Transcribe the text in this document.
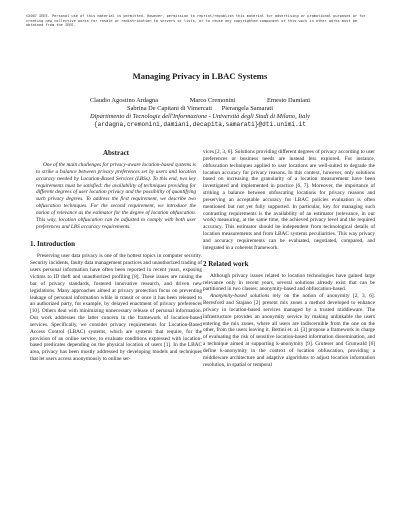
©2007 IEEE. Personal use of this material is permitted. However, permission to reprint/republish this material for advertising or promotional purposes or for creating new collective works for resale or redistribution to servers or lists, or to reuse any copyrighted component of this work in other works must be obtained from the IEEE.
Managing Privacy in LBAC Systems
Claudio Agostino Ardagna	Marco Cremonini	Ernesto Damiani
Sabrina De Capitani di Vimercati Pierangela Samarati
Dipartimento di Tecnologie dell'Informazione - Università degli Studi di Milano, Italy
{ardagna,cremonini,damiani,decapita,samarati}@dti.unimi.it
Abstract

One of the main challenges for privacy-aware location-based systems is to strike a balance between privacy preferences set by users and location accuracy needed by Location-Based Services (LBSs). To this end, two key requirements must be satisfied: the availability of techniques providing for different degrees of user location privacy and the possibility of quantifying such privacy degrees. To address the first requirement, we describe two obfuscation techniques. For the second requirement, we introduce the notion of relevance as the estimator for the degree of location obfuscation. This way, location obfuscation can be adjusted to comply with both user preferences and LBS accuracy requirements.

1. Introduction

Preserving user data privacy is one of the hottest topics in computer security. Security incidents, faulty data management practices and unauthorized trading of users personal information have often been reported in recent years, exposing victims to ID theft and unauthorized profiling [8]. These issues are raising the bar of privacy standards, fostered innovative research, and driven new legislations. Many approaches aimed at privacy protection focus on preventing leakage of personal information while in transit or once it has been released to an authorized party, for example, by delayed enactment of privacy preferences [10]. Others deal with minimizing unnecessary release of personal information. Our work addresses the latter concern in the framework of location-based services. Specifically, we consider privacy requirements for Location-Based Access Control (LBAC) systems, which are systems that require, for the provision of an online service, to evaluate conditions expressed with location-based predicates depending on the physical location of users [1]. In the LBAC area, privacy has been mostly addressed by developing models and techniques that let users access anonymously to online ser-

vices [2, 3, 6]. Solutions providing different degrees of privacy according to user preferences or business needs are instead less explored. For instance, obfuscation techniques applied to user locations are well-suited to degrade the location accuracy for privacy reasons. In this context, however, only solutions based on increasing the granularity of a location measurement have been investigated and implemented in practice [6, 7]. Moreover, the importance of striking a balance between obfuscating locations for privacy reasons and preserving an acceptable accuracy for LBAC policies evaluation is often mentioned but not yet fully supported. In particular, key for managing such contrasting requirements is the availability of an estimator (relevance, in our work) measuring, at the same time, the achieved privacy level and the required accuracy. This estimator should be independent from technological details of location measurements and from LBAC systems peculiarities. This way privacy and accuracy requirements can be evaluated, negotiated, compared, and integrated in a coherent framework.

2 Related work

Although privacy issues related to location technologies have gained large relevance only in recent years, several solutions already exist that can be partitioned in two classes: anonymity-based and obfuscation-based.

Anonymity-based solutions rely on the notion of anonymity [2, 3, 6]. Beresford and Stajano [2] present mix zones a method developed to enhance privacy in location-based services managed by a trusted middleware. The infrastructure provides an anonymity service by making unlinkable the users entering the mix zones, where all users are indiscernible from the one on the other, from the users leaving it. Bettini et. al. [3] propose a framework in charge of evaluating the risk of sensitive location-based information dissemination, and a technique aimed at supporting k-anonymity [9]. Gruteser and Grunwald [6] define k-anonymity in the context of location obfuscation, providing a middleware architecture and adaptive algorithms to adjust location information resolution, in spatial or temporal
